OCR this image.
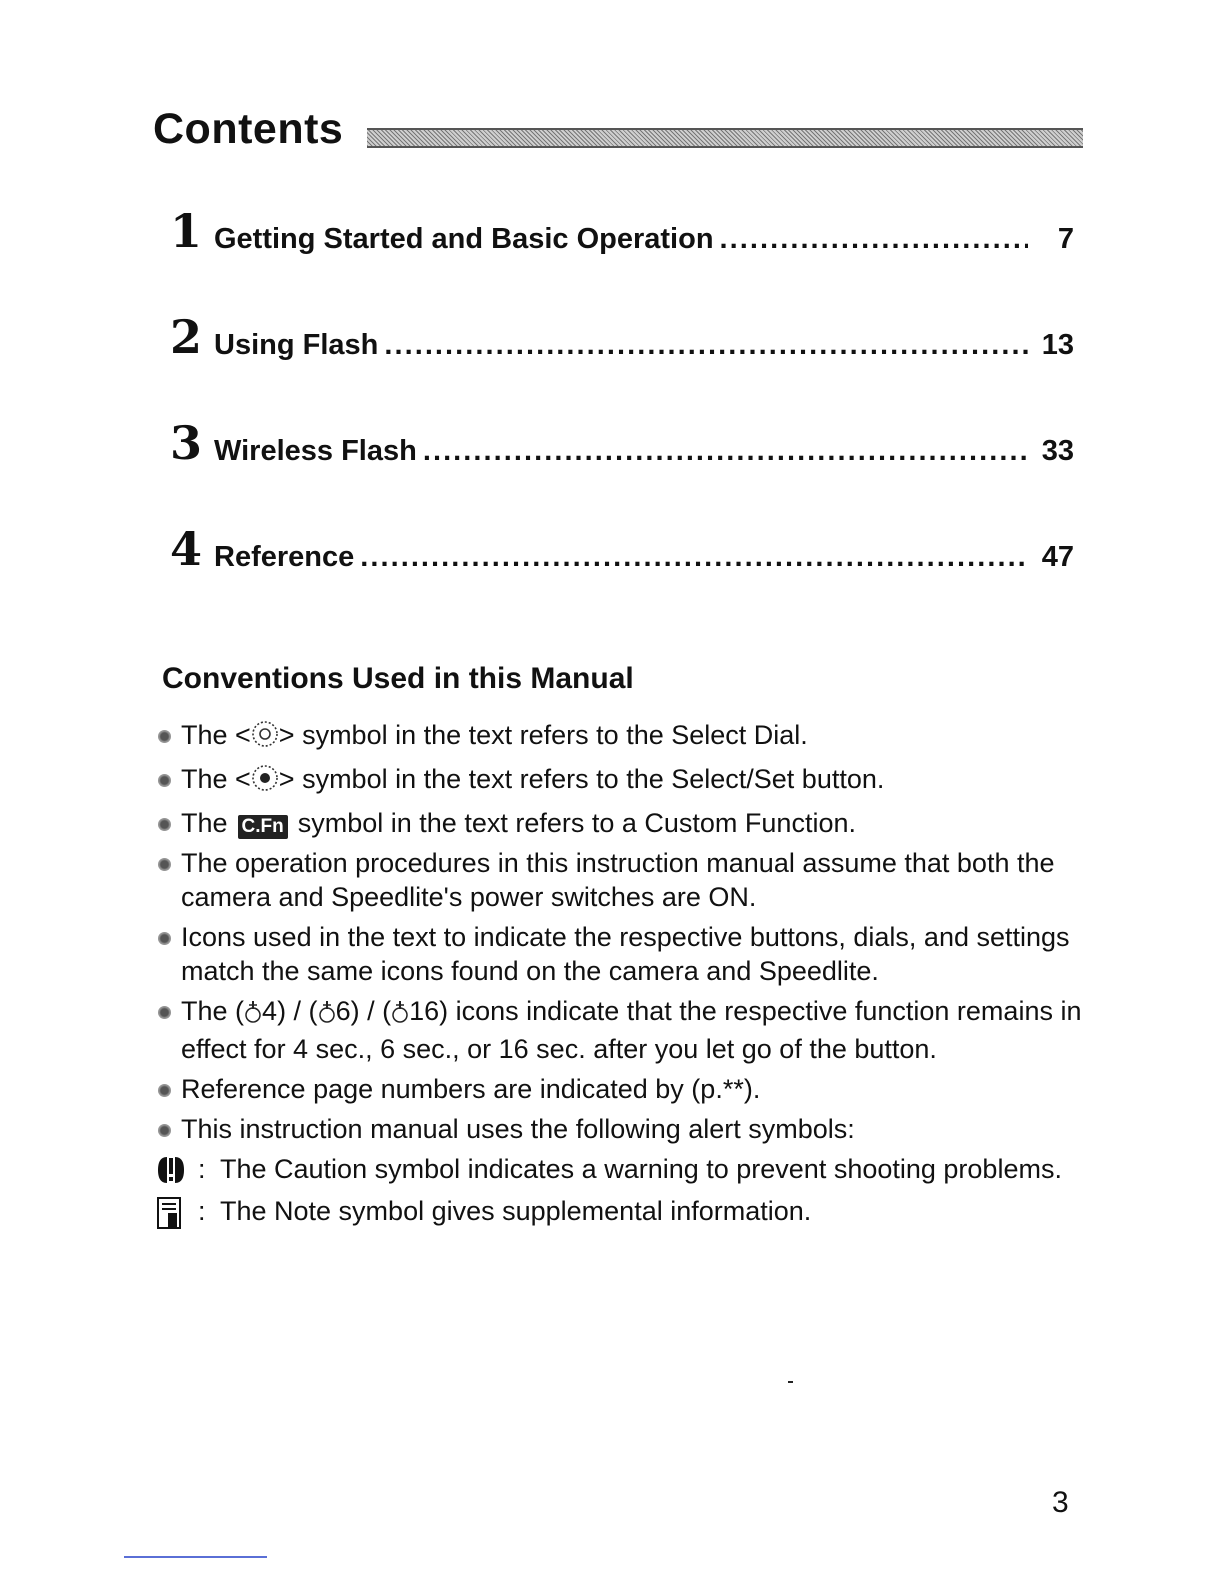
Contents
1 Getting Started and Basic Operation . . .	7
2 Using Flash . . .	13
3 Wireless Flash . . .	33
4 Reference . . .	47
Conventions Used in this Manual
The < > symbol in the text refers to the Select Dial.
The < > symbol in the text refers to the Select/Set button.
The C.Fn symbol in the text refers to a Custom Function.
The operation procedures in this instruction manual assume that both the camera and Speedlite's power switches are ON.
Icons used in the text to indicate the respective buttons, dials, and settings match the same icons found on the camera and Speedlite.
The ( 4) / ( 6) / ( 16) icons indicate that the respective function remains in effect for 4 sec., 6 sec., or 16 sec. after you let go of the button.
Reference page numbers are indicated by (p.**).
This instruction manual uses the following alert symbols:
: The Caution symbol indicates a warning to prevent shooting problems.
: The Note symbol gives supplemental information.
3
